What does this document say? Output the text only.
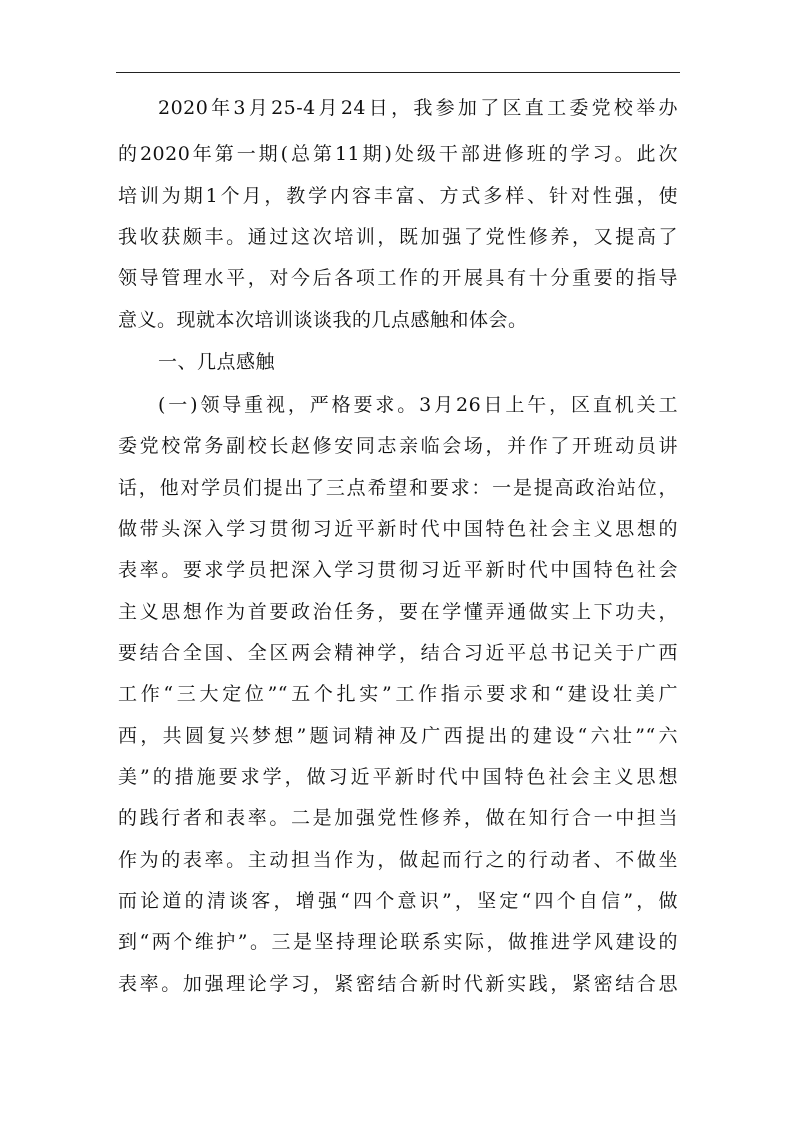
2020年3月25-4月24日，我参加了区直工委党校举办
的2020年第一期(总第11期)处级干部进修班的学习。此次
培训为期1个月，教学内容丰富、方式多样、针对性强，使
我收获颇丰。通过这次培训，既加强了党性修养，又提高了
领导管理水平，对今后各项工作的开展具有十分重要的指导
意义。现就本次培训谈谈我的几点感触和体会。
一、几点感触
(一)领导重视，严格要求。3月26日上午，区直机关工
委党校常务副校长赵修安同志亲临会场，并作了开班动员讲
话，他对学员们提出了三点希望和要求：一是提高政治站位，
做带头深入学习贯彻习近平新时代中国特色社会主义思想的
表率。要求学员把深入学习贯彻习近平新时代中国特色社会
主义思想作为首要政治任务，要在学懂弄通做实上下功夫，
要结合全国、全区两会精神学，结合习近平总书记关于广西
工作“三大定位”“五个扎实”工作指示要求和“建设壮美广
西，共圆复兴梦想”题词精神及广西提出的建设“六壮”“六
美”的措施要求学，做习近平新时代中国特色社会主义思想
的践行者和表率。二是加强党性修养，做在知行合一中担当
作为的表率。主动担当作为，做起而行之的行动者、不做坐
而论道的清谈客，增强“四个意识”，坚定“四个自信”，做
到“两个维护”。三是坚持理论联系实际，做推进学风建设的
表率。加强理论学习，紧密结合新时代新实践，紧密结合思
